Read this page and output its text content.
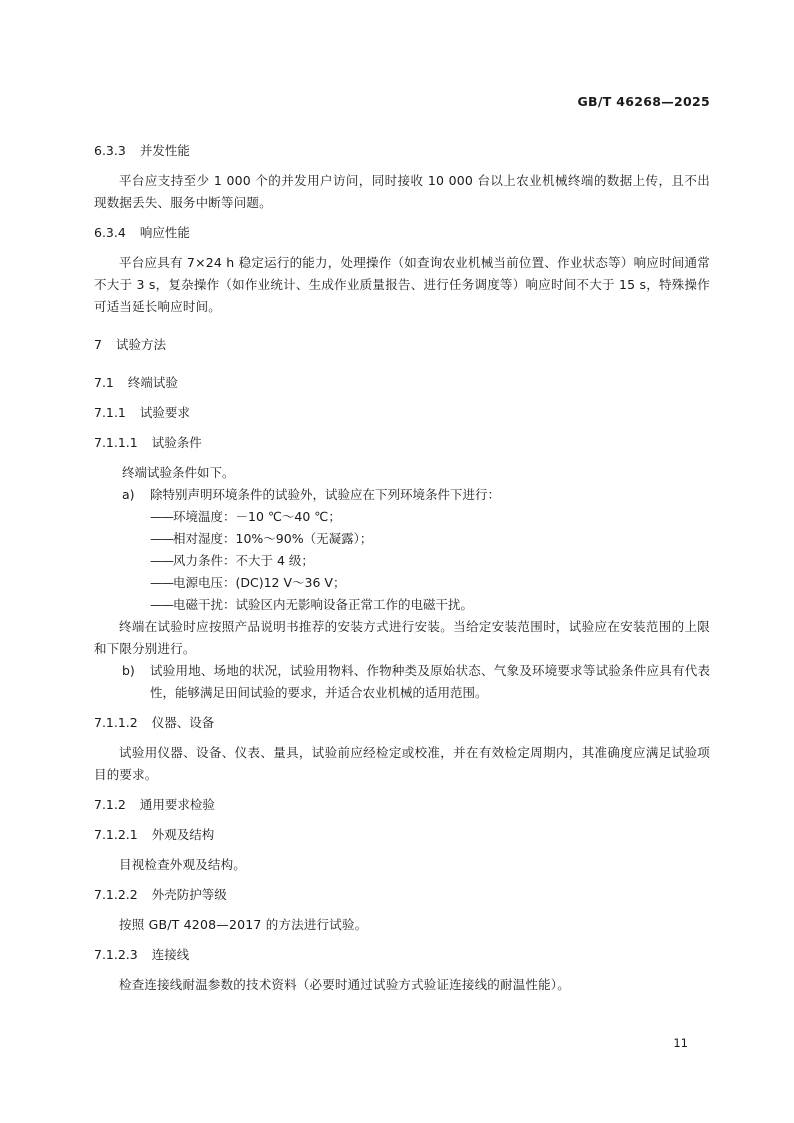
GB/T 46268—2025

6.3.3 并发性能

平台应支持至少 1 000 个的并发用户访问，同时接收 10 000 台以上农业机械终端的数据上传，且不出现数据丢失、服务中断等问题。

6.3.4 响应性能

平台应具有 7×24 h 稳定运行的能力，处理操作（如查询农业机械当前位置、作业状态等）响应时间通常不大于 3 s，复杂操作（如作业统计、生成作业质量报告、进行任务调度等）响应时间不大于 15 s，特殊操作可适当延长响应时间。

7 试验方法

7.1 终端试验

7.1.1 试验要求

7.1.1.1 试验条件

终端试验条件如下。

a) 除特别声明环境条件的试验外，试验应在下列环境条件下进行：

——环境温度：－10 ℃～40 ℃；

——相对湿度：10%～90%（无凝露）；

——风力条件：不大于 4 级；

——电源电压：(DC)12 V～36 V；

——电磁干扰：试验区内无影响设备正常工作的电磁干扰。

终端在试验时应按照产品说明书推荐的安装方式进行安装。当给定安装范围时，试验应在安装范围的上限和下限分别进行。

b) 试验用地、场地的状况，试验用物料、作物种类及原始状态、气象及环境要求等试验条件应具有代表性，能够满足田间试验的要求，并适合农业机械的适用范围。

7.1.1.2 仪器、设备

试验用仪器、设备、仪表、量具，试验前应经检定或校准，并在有效检定周期内，其准确度应满足试验项目的要求。

7.1.2 通用要求检验

7.1.2.1 外观及结构

目视检查外观及结构。

7.1.2.2 外壳防护等级

按照 GB/T 4208—2017 的方法进行试验。

7.1.2.3 连接线

检查连接线耐温参数的技术资料（必要时通过试验方式验证连接线的耐温性能）。

11
